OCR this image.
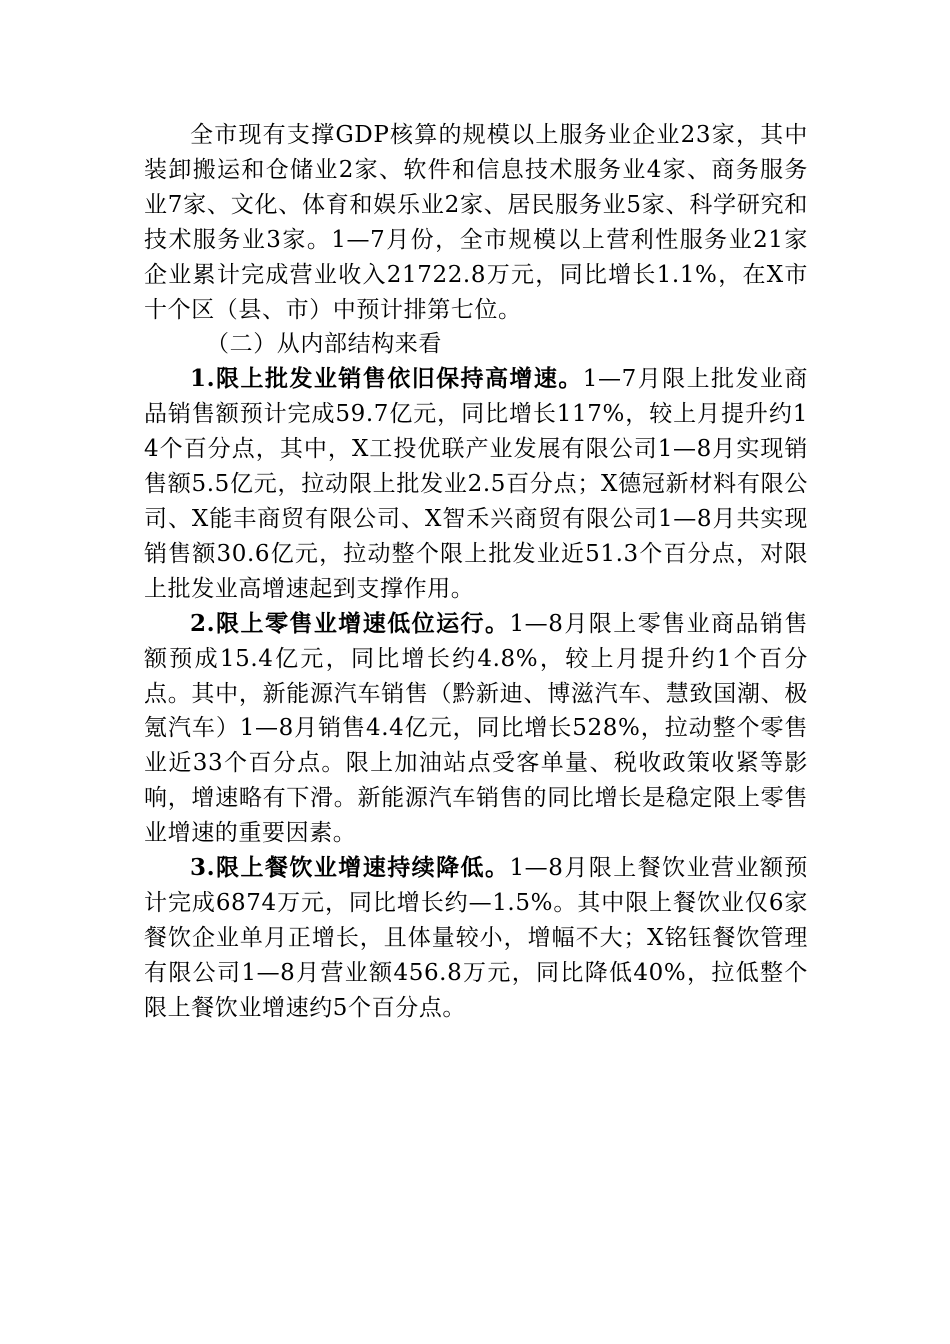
全市现有支撑GDP核算的规模以上服务业企业23家，其中装卸搬运和仓储业2家、软件和信息技术服务业4家、商务服务业7家、文化、体育和娱乐业2家、居民服务业5家、科学研究和技术服务业3家。1—7月份，全市规模以上营利性服务业21家企业累计完成营业收入21722.8万元，同比增长1.1%，在X市十个区（县、市）中预计排第七位。

（二）从内部结构来看

1.限上批发业销售依旧保持高增速。1—7月限上批发业商品销售额预计完成59.7亿元，同比增长117%，较上月提升约14个百分点，其中，X工投优联产业发展有限公司1—8月实现销售额5.5亿元，拉动限上批发业2.5百分点；X德冠新材料有限公司、X能丰商贸有限公司、X智禾兴商贸有限公司1—8月共实现销售额30.6亿元，拉动整个限上批发业近51.3个百分点，对限上批发业高增速起到支撑作用。

2.限上零售业增速低位运行。1—8月限上零售业商品销售额预成15.4亿元，同比增长约4.8%，较上月提升约1个百分点。其中，新能源汽车销售（黔新迪、博滋汽车、慧致国潮、极氪汽车）1—8月销售4.4亿元，同比增长528%，拉动整个零售业近33个百分点。限上加油站点受客单量、税收政策收紧等影响，增速略有下滑。新能源汽车销售的同比增长是稳定限上零售业增速的重要因素。

3.限上餐饮业增速持续降低。1—8月限上餐饮业营业额预计完成6874万元，同比增长约—1.5%。其中限上餐饮业仅6家餐饮企业单月正增长，且体量较小，增幅不大；X铭钰餐饮管理有限公司1—8月营业额456.8万元，同比降低40%，拉低整个限上餐饮业增速约5个百分点。
